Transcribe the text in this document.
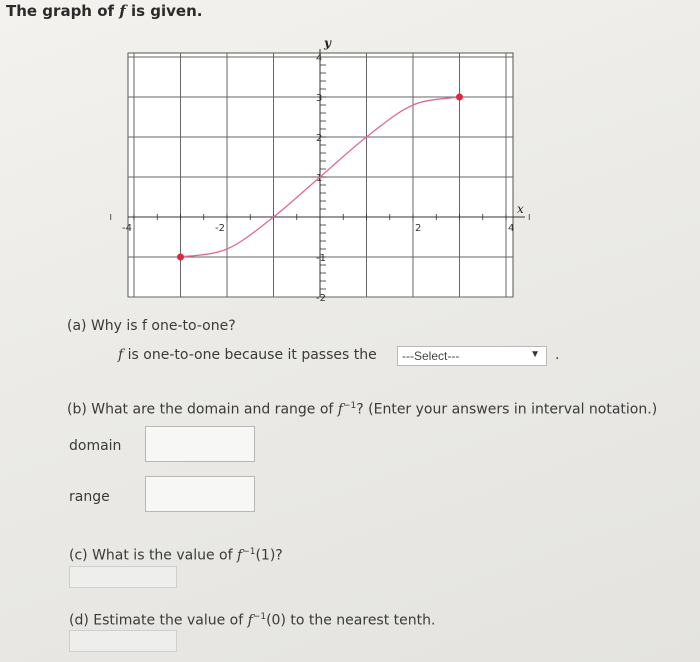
The graph of f is given.
-4	-2	2	4
-2
-1
1
2
3
4
x
y
(a) Why is f one-to-one?
f is one-to-one because it passes the	---Select---	▼ .
(b) What are the domain and range of $f^{-1}$? (Enter your answers in interval notation.)
domain
range
(c) What is the value of $f^{-1}(1)$?
(d) Estimate the value of $f^{-1}(0)$ to the nearest tenth.
